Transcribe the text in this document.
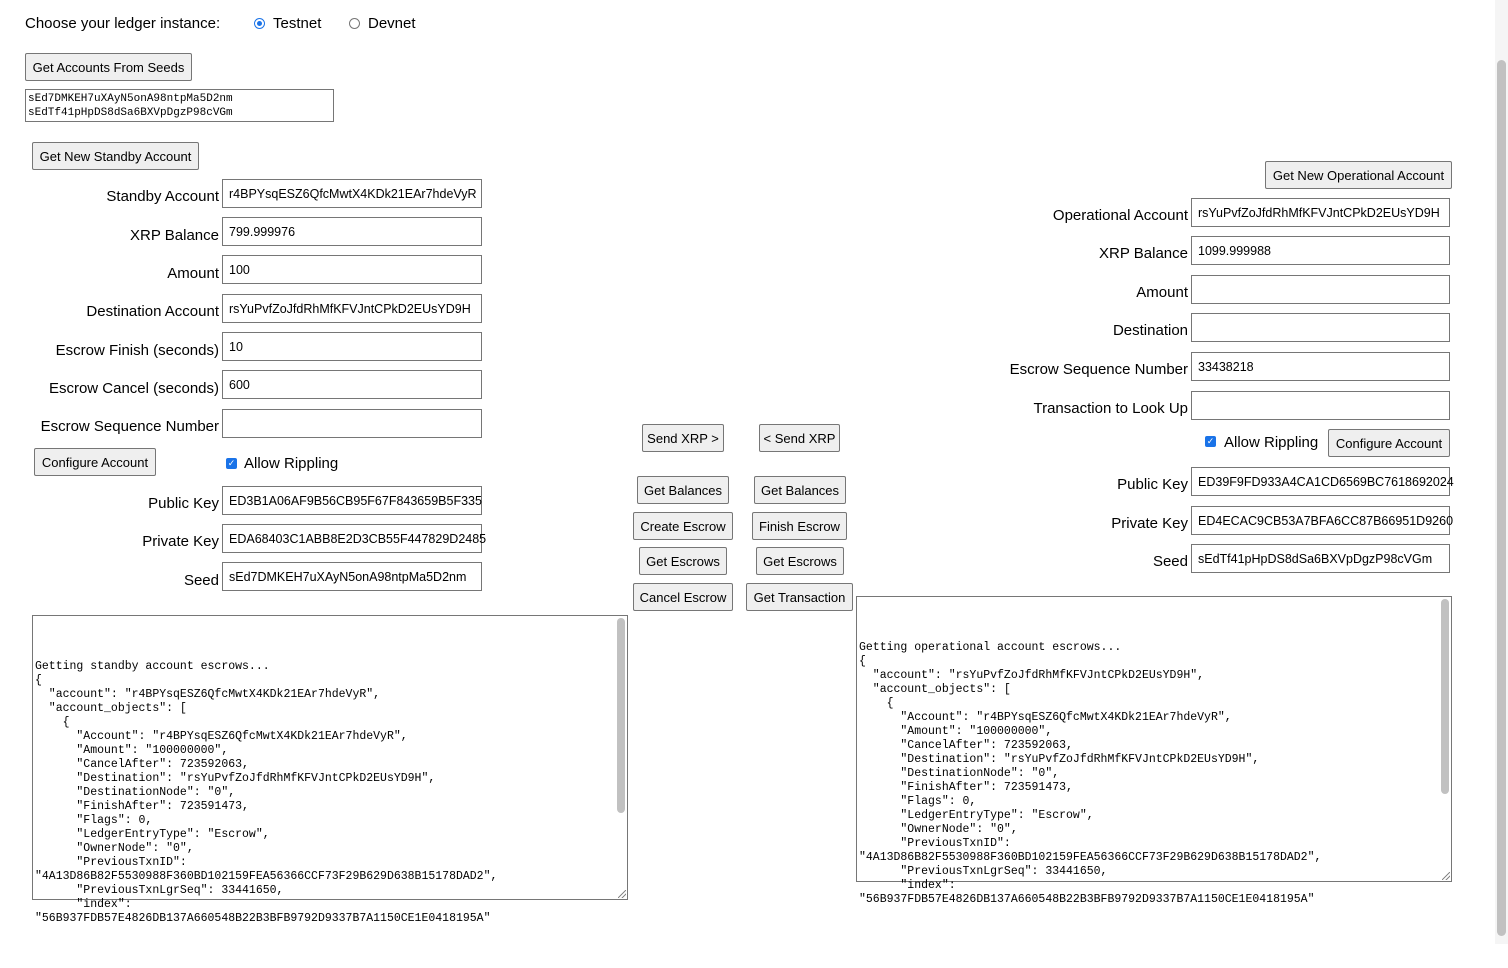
Choose your ledger instance:	Testnet	Devnet
Get Accounts From Seeds
sEd7DMKEH7uXAyN5onA98ntpMa5D2nm
sEdTf41pHpDS8dSa6BXVpDgzP98cVGm
Get New Standby Account
Standby Account r4BPYsqESZ6QfcMwtX4KDk21EAr7hdeVyR
XRP Balance 799.999976
Amount 100
Destination Account rsYuPvfZoJfdRhMfKFVJntCPkD2EUsYD9H
Escrow Finish (seconds) 10
Escrow Cancel (seconds) 600
Escrow Sequence Number
Configure Account	✓ Allow Rippling
Public Key ED3B1A06AF9B56CB95F67F843659B5F335
Private Key EDA68403C1ABB8E2D3CB55F447829D2485
Seed sEd7DMKEH7uXAyN5onA98ntpMa5D2nm

Getting standby account escrows...
{
"account": "r4BPYsqESZ6QfcMwtX4KDk21EAr7hdeVyR",
"account_objects": [
{
"Account": "r4BPYsqESZ6QfcMwtX4KDk21EAr7hdeVyR",
"Amount": "100000000",
"CancelAfter": 723592063,
"Destination": "rsYuPvfZoJfdRhMfKFVJntCPkD2EUsYD9H",
"DestinationNode": "0",
"FinishAfter": 723591473,
"Flags": 0,
"LedgerEntryType": "Escrow",
"OwnerNode": "0",
"PreviousTxnID":
"4A13D86B82F5530988F360BD102159FEA56366CCF73F29B629D638B15178DAD2",
"PreviousTxnLgrSeq": 33441650,
"index":
"56B937FDB57E4826DB137A660548B22B3BFB9792D9337B7A1150CE1E0418195A"

Send XRP >	< Send XRP
Get Balances	Get Balances
Create Escrow	Finish Escrow
Get Escrows	Get Escrows
Cancel Escrow	Get Transaction
Get New Operational Account
Operational Account rsYuPvfZoJfdRhMfKFVJntCPkD2EUsYD9H
XRP Balance 1099.999988
Amount
Destination
Escrow Sequence Number 33438218
Transaction to Look Up
✓ Allow Rippling	Configure Account
Public Key ED39F9FD933A4CA1CD6569BC7618692024
Private Key ED4ECAC9CB53A7BFA6CC87B66951D9260
Seed sEdTf41pHpDS8dSa6BXVpDgzP98cVGm

Getting operational account escrows...
{
"account": "rsYuPvfZoJfdRhMfKFVJntCPkD2EUsYD9H",
"account_objects": [
{
"Account": "r4BPYsqESZ6QfcMwtX4KDk21EAr7hdeVyR",
"Amount": "100000000",
"CancelAfter": 723592063,
"Destination": "rsYuPvfZoJfdRhMfKFVJntCPkD2EUsYD9H",
"DestinationNode": "0",
"FinishAfter": 723591473,
"Flags": 0,
"LedgerEntryType": "Escrow",
"OwnerNode": "0",
"PreviousTxnID":
"4A13D86B82F5530988F360BD102159FEA56366CCF73F29B629D638B15178DAD2",
"PreviousTxnLgrSeq": 33441650,
"index":
"56B937FDB57E4826DB137A660548B22B3BFB9792D9337B7A1150CE1E0418195A"
